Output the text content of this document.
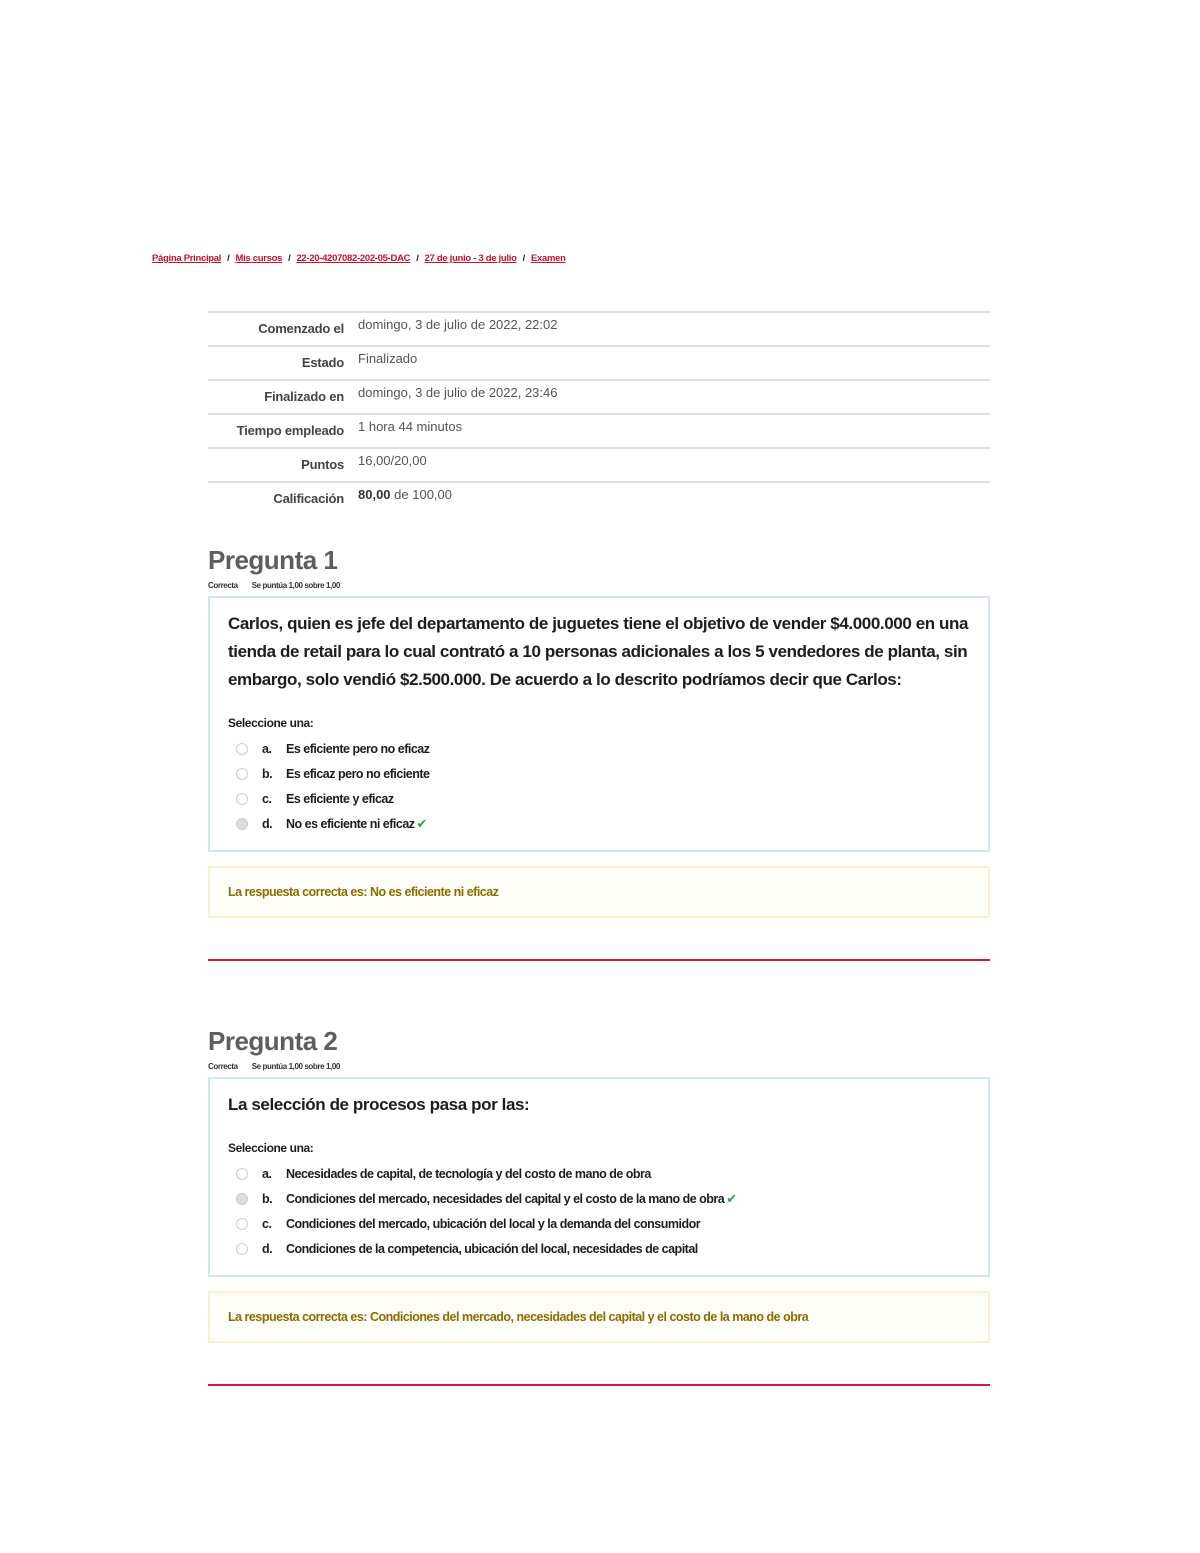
Página Principal / Mis cursos / 22-20-4207082-202-05-DAC / 27 de junio - 3 de julio / Examen
Comenzado el	domingo, 3 de julio de 2022, 22:02
Estado	Finalizado
Finalizado en	domingo, 3 de julio de 2022, 23:46
Tiempo empleado	1 hora 44 minutos
Puntos	16,00/20,00
Calificación	80,00 de 100,00
Pregunta 1
Correcta Se puntúa 1,00 sobre 1,00

Carlos, quien es jefe del departamento de juguetes tiene el objetivo de vender $4.000.000 en una tienda de retail para lo cual contrató a 10 personas adicionales a los 5 vendedores de planta, sin embargo, solo vendió $2.500.000. De acuerdo a lo descrito podríamos decir que Carlos:

Seleccione una:
a.	Es eficiente pero no eficaz
b.	Es eficaz pero no eficiente
c.	Es eficiente y eficaz
d.	No es eficiente ni eficaz ✔
La respuesta correcta es: No es eficiente ni eficaz
Pregunta 2
Correcta Se puntúa 1,00 sobre 1,00

La selección de procesos pasa por las:

Seleccione una:
a.	Necesidades de capital, de tecnología y del costo de mano de obra
b.	Condiciones del mercado, necesidades del capital y el costo de la mano de obra ✔
c.	Condiciones del mercado, ubicación del local y la demanda del consumidor
d.	Condiciones de la competencia, ubicación del local, necesidades de capital
La respuesta correcta es: Condiciones del mercado, necesidades del capital y el costo de la mano de obra
